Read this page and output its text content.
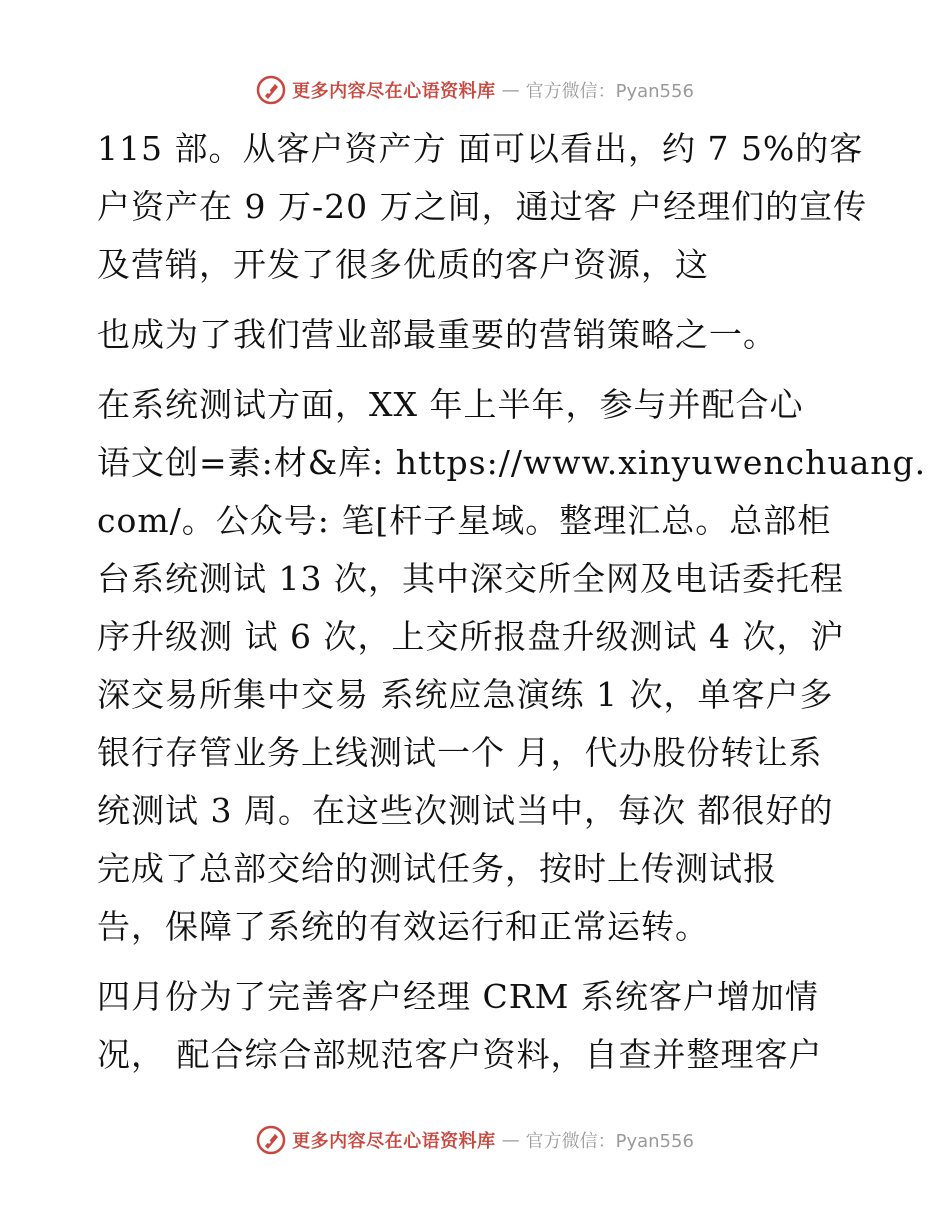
更多内容尽在心语资料库 — 官方微信：Pyan556
115 部。从客户资产方 面可以看出，约 7 5%的客
户资产在 9 万-20 万之间，通过客 户经理们的宣传
及营销，开发了很多优质的客户资源，这
也成为了我们营业部最重要的营销策略之一。
在系统测试方面，XX 年上半年，参与并配合心
语文创=素:材&库: https://www.xinyuwenchuang.
com/。公众号: 笔[杆子星域。整理汇总。总部柜
台系统测试 13 次，其中深交所全网及电话委托程
序升级测 试 6 次，上交所报盘升级测试 4 次，沪
深交易所集中交易 系统应急演练 1 次，单客户多
银行存管业务上线测试一个 月，代办股份转让系
统测试 3 周。在这些次测试当中，每次 都很好的
完成了总部交给的测试任务，按时上传测试报
告，保障了系统的有效运行和正常运转。
四月份为了完善客户经理 CRM 系统客户增加情
况， 配合综合部规范客户资料，自查并整理客户
更多内容尽在心语资料库 — 官方微信：Pyan556
